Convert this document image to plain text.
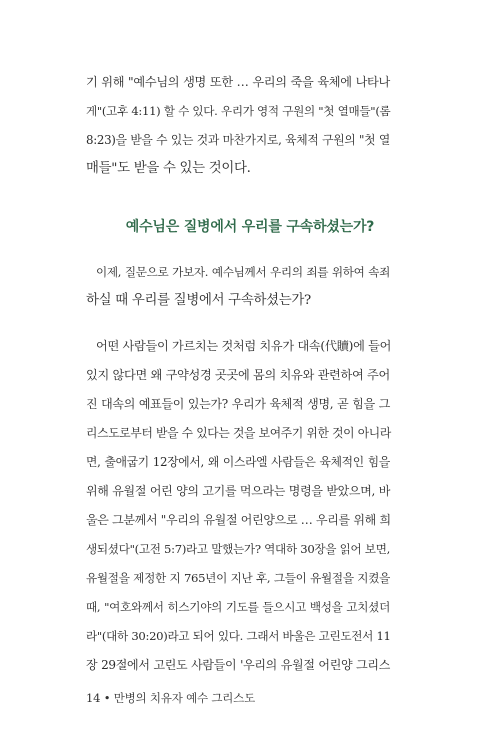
기 위해 "예수님의 생명 또한 … 우리의 죽을 육체에 나타나
게"(고후 4:11) 할 수 있다. 우리가 영적 구원의 "첫 열매들"(롬
8:23)을 받을 수 있는 것과 마찬가지로, 육체적 구원의 "첫 열
매들"도 받을 수 있는 것이다.
예수님은 질병에서 우리를 구속하셨는가?
이제, 질문으로 가보자. 예수님께서 우리의 죄를 위하여 속죄
하실 때 우리를 질병에서 구속하셨는가?
어떤 사람들이 가르치는 것처럼 치유가 대속(代贖)에 들어
있지 않다면 왜 구약성경 곳곳에 몸의 치유와 관련하여 주어
진 대속의 예표들이 있는가? 우리가 육체적 생명, 곧 힘을 그
리스도로부터 받을 수 있다는 것을 보여주기 위한 것이 아니라
면, 출애굽기 12장에서, 왜 이스라엘 사람들은 육체적인 힘을
위해 유월절 어린 양의 고기를 먹으라는 명령을 받았으며, 바
울은 그분께서 "우리의 유월절 어린양으로 … 우리를 위해 희
생되셨다"(고전 5:7)라고 말했는가? 역대하 30장을 읽어 보면,
유월절을 제정한 지 765년이 지난 후, 그들이 유월절을 지켰을
때, "여호와께서 히스기야의 기도를 들으시고 백성을 고치셨더
라"(대하 30:20)라고 되어 있다. 그래서 바울은 고린도전서 11
장 29절에서 고린도 사람들이 '우리의 유월절 어린양 그리스
14 • 만병의 치유자 예수 그리스도
